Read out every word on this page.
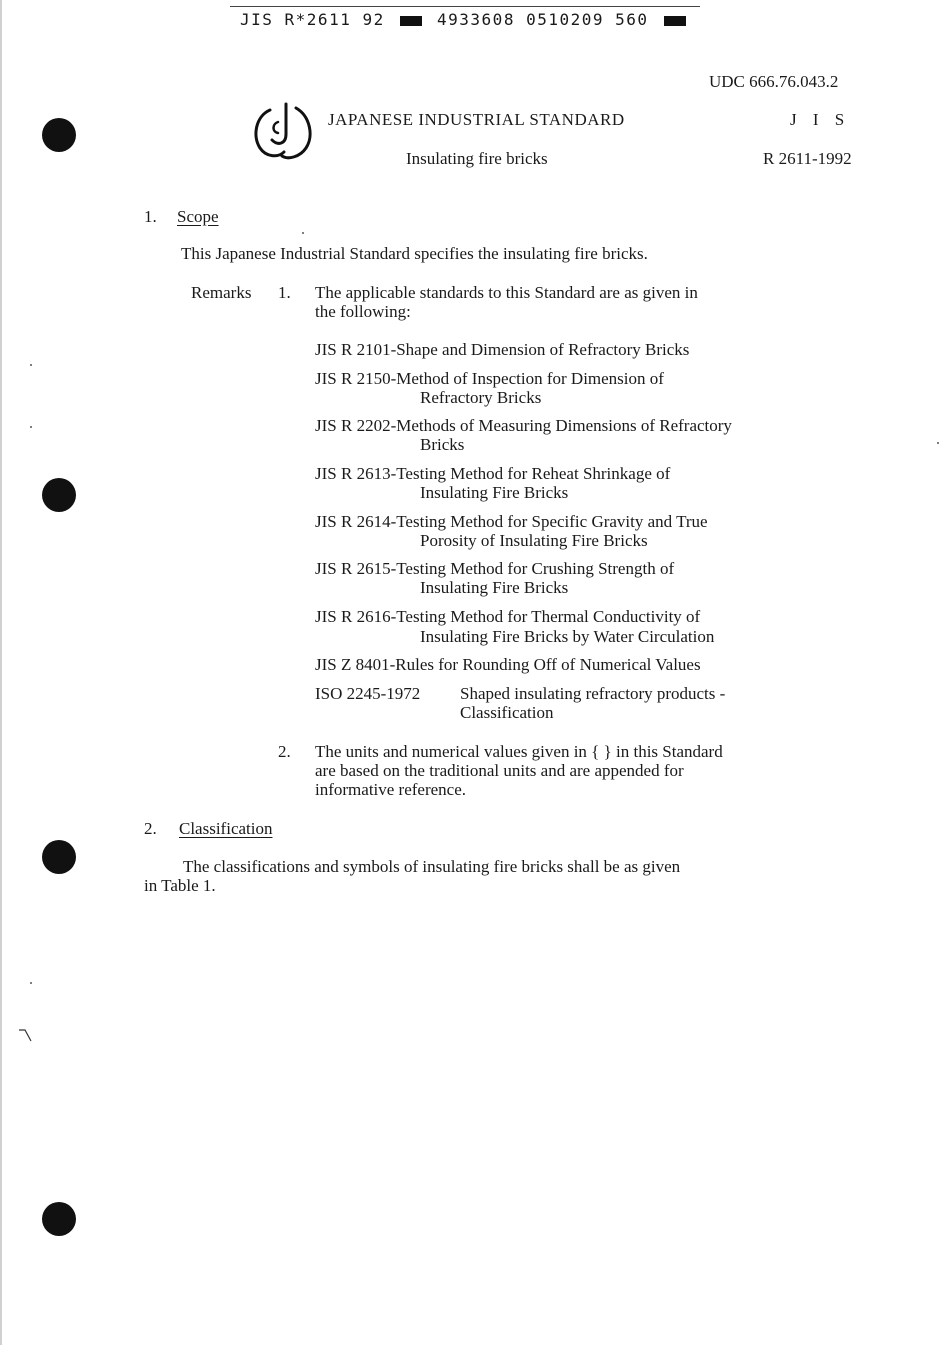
JIS R*2611 92	4933608 0510209 560
UDC 666.76.043.2
JAPANESE INDUSTRIAL STANDARD	J I S
Insulating fire bricks	R 2611-1992
1. Scope
This Japanese Industrial Standard specifies the insulating fire bricks.
Remarks 1. The applicable standards to this Standard are as given in
the following:
JIS R 2101-Shape and Dimension of Refractory Bricks
JIS R 2150-Method of Inspection for Dimension of
Refractory Bricks
JIS R 2202-Methods of Measuring Dimensions of Refractory
Bricks
JIS R 2613-Testing Method for Reheat Shrinkage of
Insulating Fire Bricks
JIS R 2614-Testing Method for Specific Gravity and True
Porosity of Insulating Fire Bricks
JIS R 2615-Testing Method for Crushing Strength of
Insulating Fire Bricks
JIS R 2616-Testing Method for Thermal Conductivity of
Insulating Fire Bricks by Water Circulation
JIS Z 8401-Rules for Rounding Off of Numerical Values
ISO 2245-1972 Shaped insulating refractory products -
Classification
2. The units and numerical values given in { } in this Standard
are based on the traditional units and are appended for
informative reference.
2. Classification
The classifications and symbols of insulating fire bricks shall be as given
in Table 1.
